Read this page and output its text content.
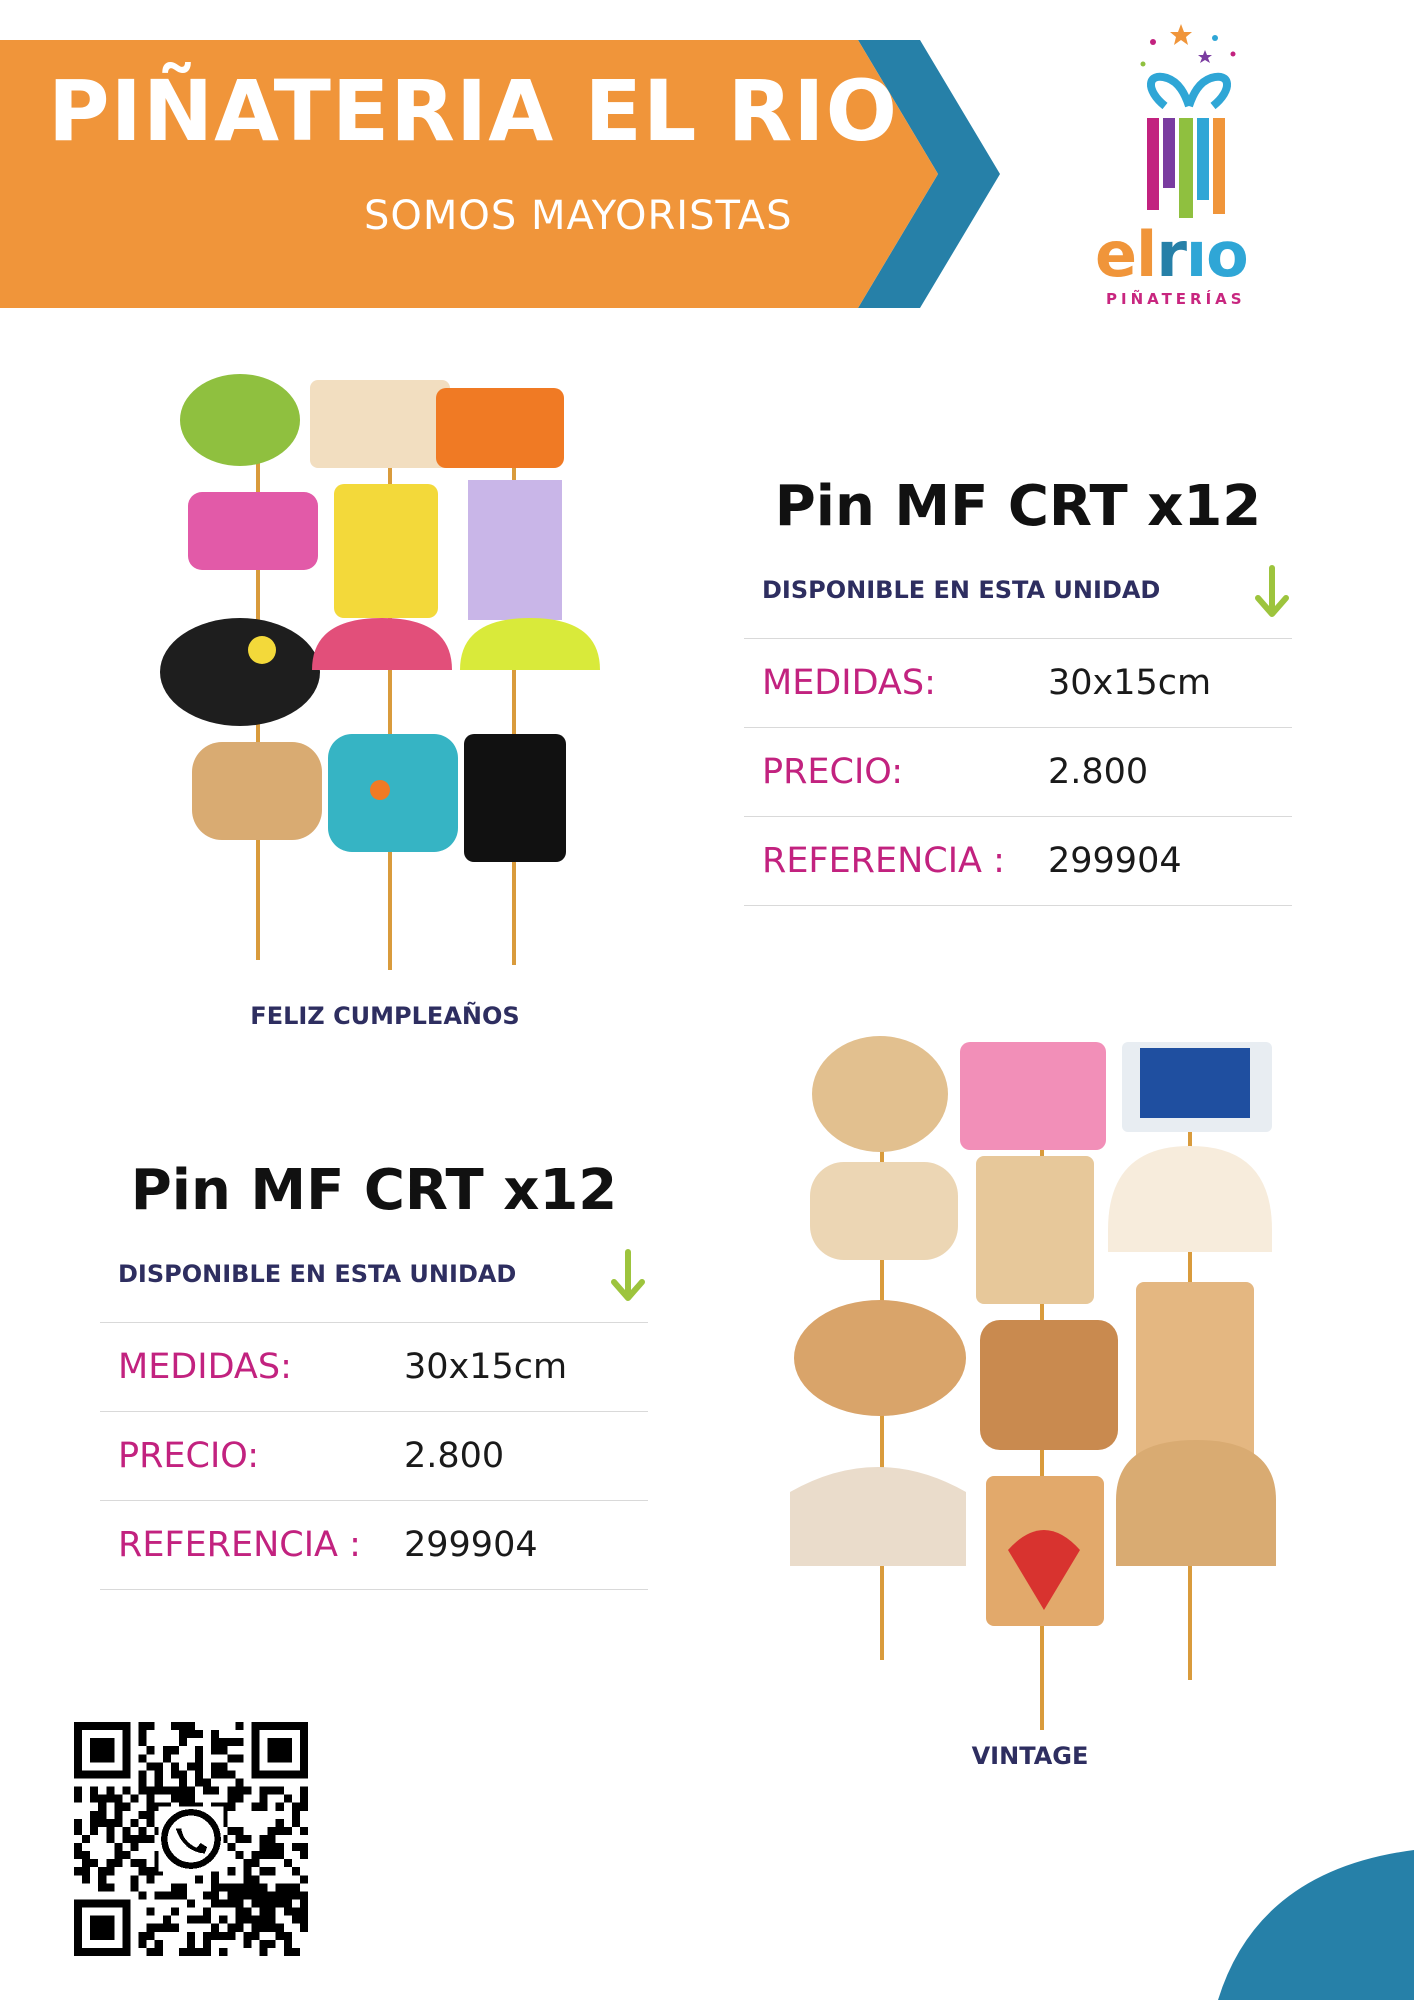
PIÑATERIA EL RIO
SOMOS MAYORISTAS
elrıo
PIÑATERÍAS
FELIZ CUMPLEAÑOS
Pin MF CRT x12
DISPONIBLE EN ESTA UNIDAD
MEDIDAS:	30x15cm
PRECIO:	2.800
REFERENCIA :	299904
Pin MF CRT x12
DISPONIBLE EN ESTA UNIDAD
MEDIDAS:	30x15cm
PRECIO:	2.800
REFERENCIA :	299904
VINTAGE
